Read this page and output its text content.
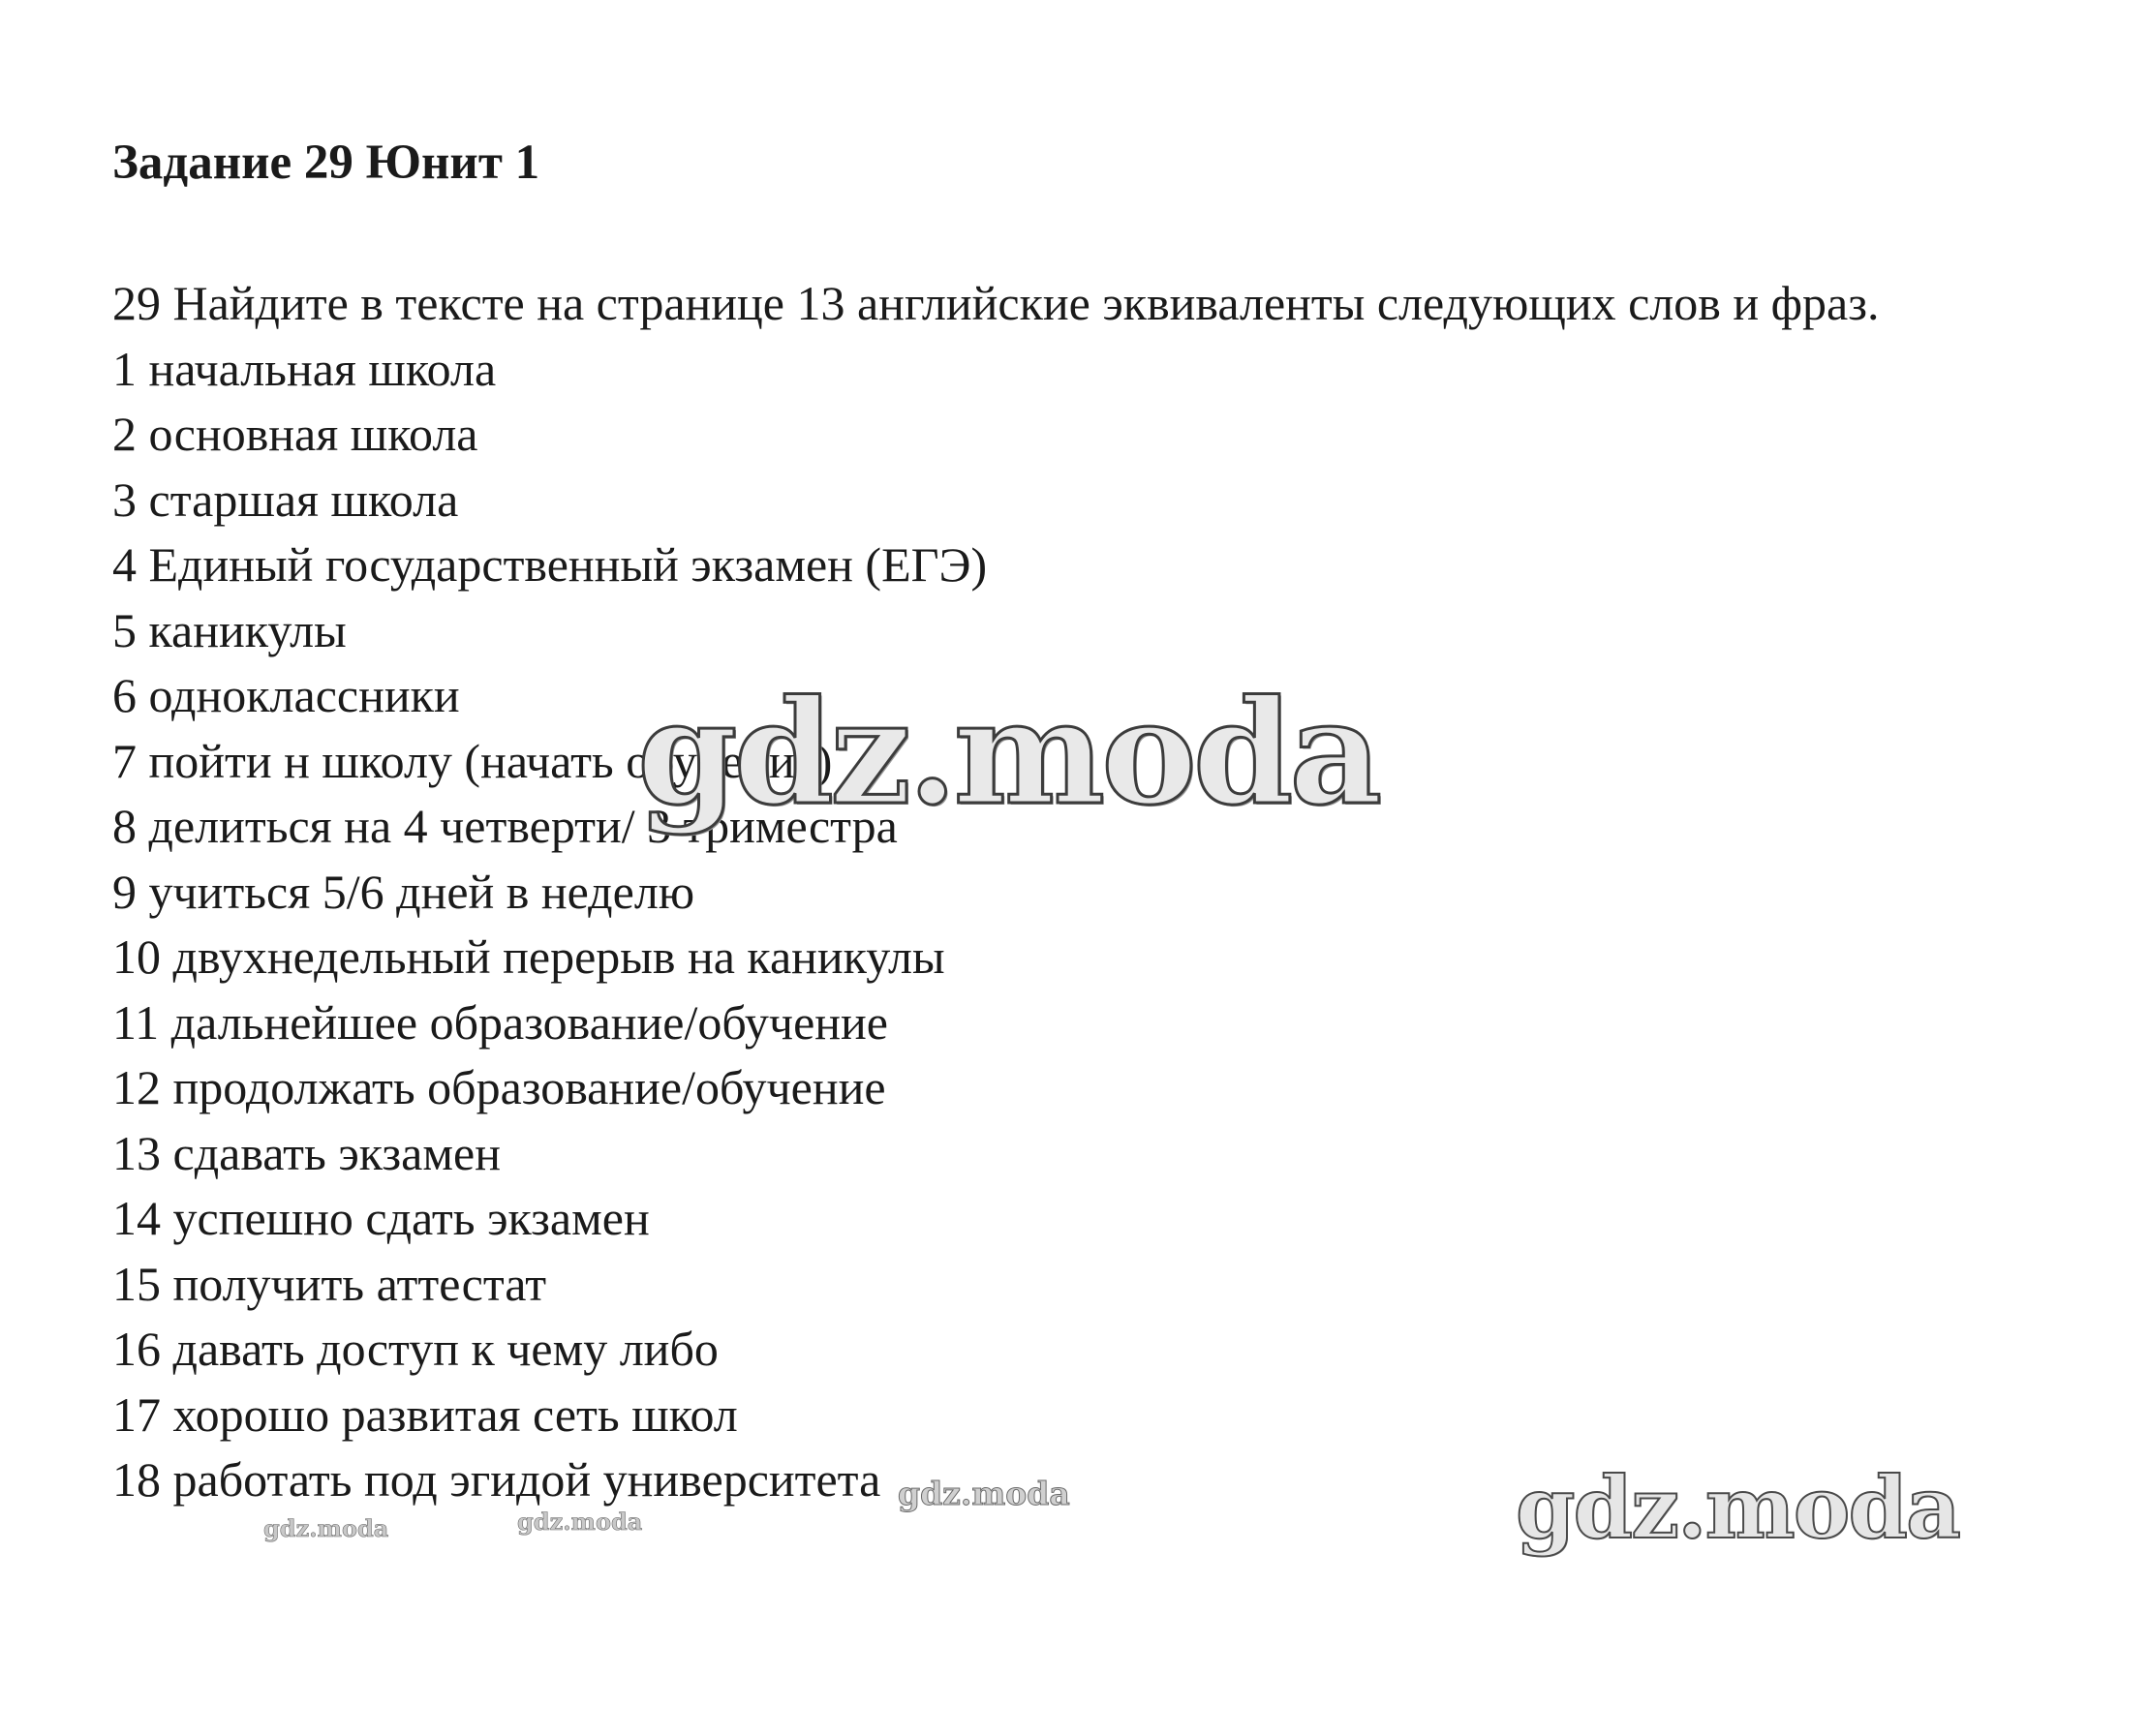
Задание 29 Юнит 1

29 Найдите в тексте на странице 13 английские эквиваленты следующих слов и фраз.

1 начальная школа
2 основная школа
3 старшая школа
4 Единый государственный экзамен (ЕГЭ)
5 каникулы
6 одноклассники
7 пойти н школу (начать обучение)
8 делиться на 4 четверти/ 3 триместра
9 учиться 5/6 дней в неделю
10 двухнедельный перерыв на каникулы
11 дальнейшее образование/обучение
12 продолжать образование/обучение
13 сдавать экзамен
14 успешно сдать экзамен
15 получить аттестат
16 давать доступ к чему либо
17 хорошо развитая сеть школ
18 работать под эгидой университета
gdz.moda
gdz.moda
gdz.moda
gdz.moda
gdz.moda
